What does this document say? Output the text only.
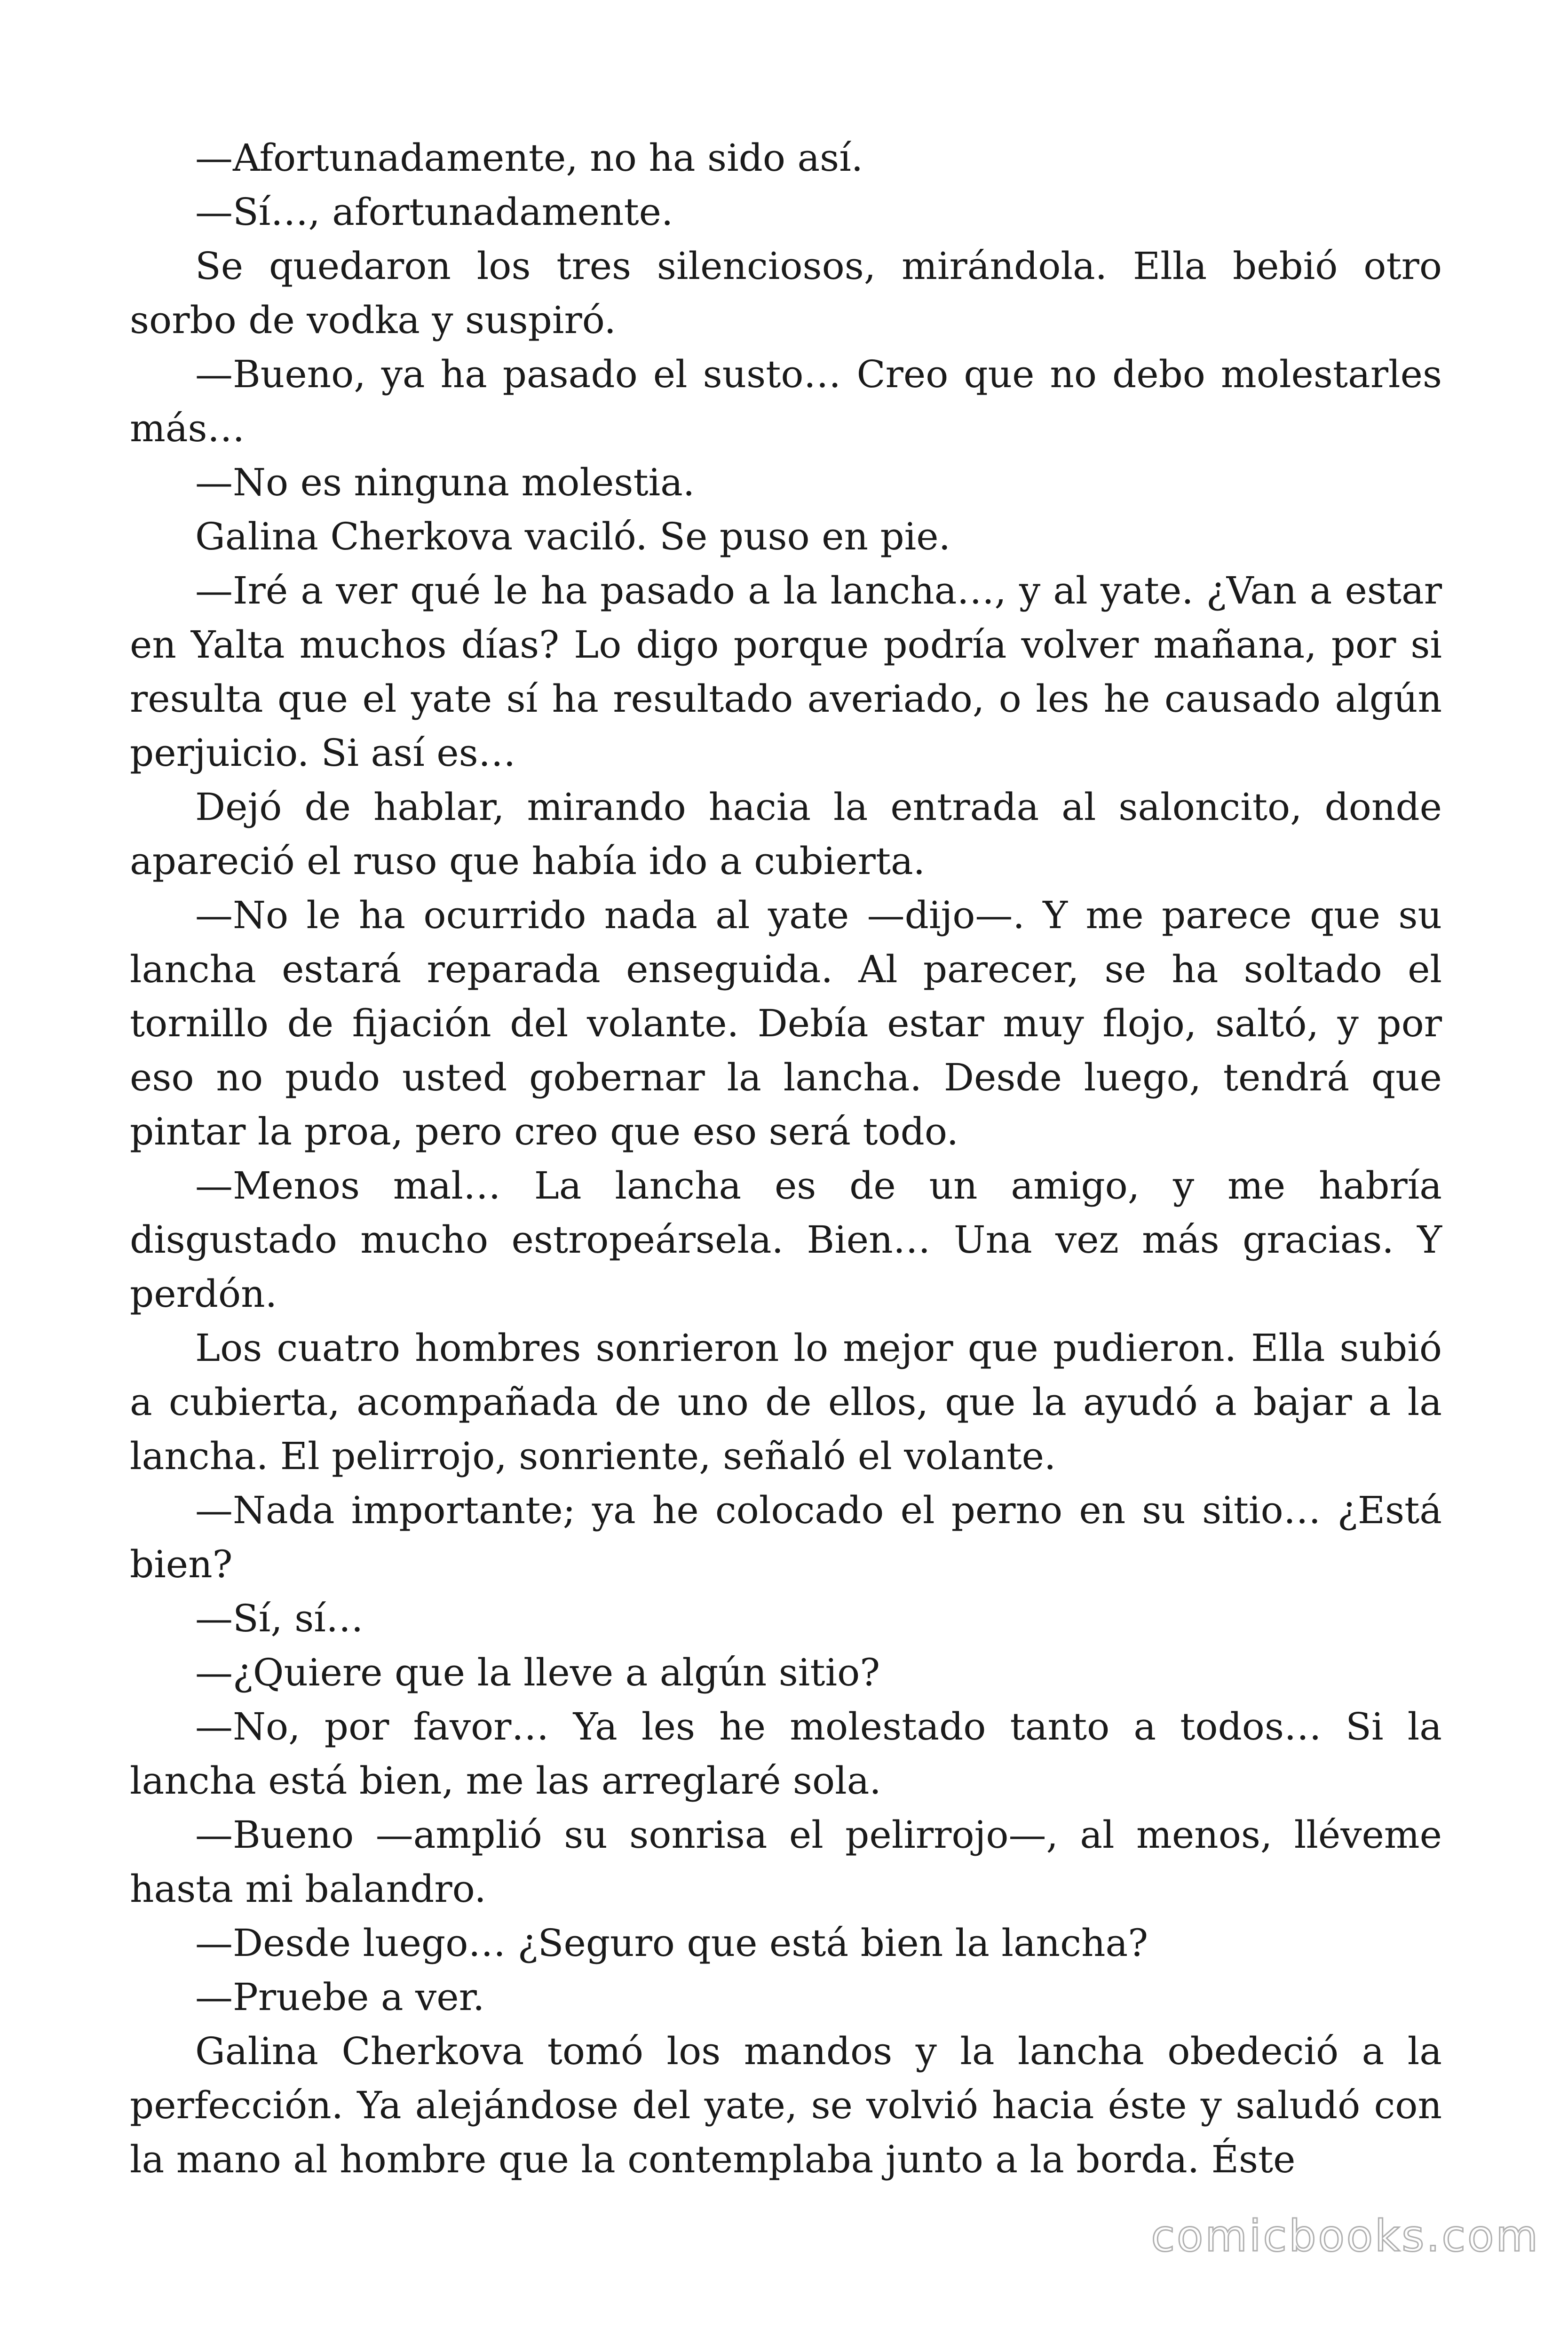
—Afortunadamente, no ha sido así.

—Sí…, afortunadamente.

Se quedaron los tres silenciosos, mirándola. Ella bebió otro sorbo de vodka y suspiró.

—Bueno, ya ha pasado el susto… Creo que no debo molestarles más…

—No es ninguna molestia.

Galina Cherkova vaciló. Se puso en pie.

—Iré a ver qué le ha pasado a la lancha…, y al yate. ¿Van a estar en Yalta muchos días? Lo digo porque podría volver mañana, por si resulta que el yate sí ha resultado averiado, o les he causado algún perjuicio. Si así es…

Dejó de hablar, mirando hacia la entrada al saloncito, donde apareció el ruso que había ido a cubierta.

—No le ha ocurrido nada al yate —dijo—. Y me parece que su lancha estará reparada enseguida. Al parecer, se ha soltado el tornillo de fijación del volante. Debía estar muy flojo, saltó, y por eso no pudo usted gobernar la lancha. Desde luego, tendrá que pintar la proa, pero creo que eso será todo.

—Menos mal… La lancha es de un amigo, y me habría disgustado mucho estropeársela. Bien… Una vez más gracias. Y perdón.

Los cuatro hombres sonrieron lo mejor que pudieron. Ella subió a cubierta, acompañada de uno de ellos, que la ayudó a bajar a la lancha. El pelirrojo, sonriente, señaló el volante.

—Nada importante; ya he colocado el perno en su sitio… ¿Está bien?

—Sí, sí…

—¿Quiere que la lleve a algún sitio?

—No, por favor… Ya les he molestado tanto a todos… Si la lancha está bien, me las arreglaré sola.

—Bueno —amplió su sonrisa el pelirrojo—, al menos, lléveme hasta mi balandro.

—Desde luego… ¿Seguro que está bien la lancha?

—Pruebe a ver.

Galina Cherkova tomó los mandos y la lancha obedeció a la perfección. Ya alejándose del yate, se volvió hacia éste y saludó con la mano al hombre que la contemplaba junto a la borda. Éste

comicbooks.com
